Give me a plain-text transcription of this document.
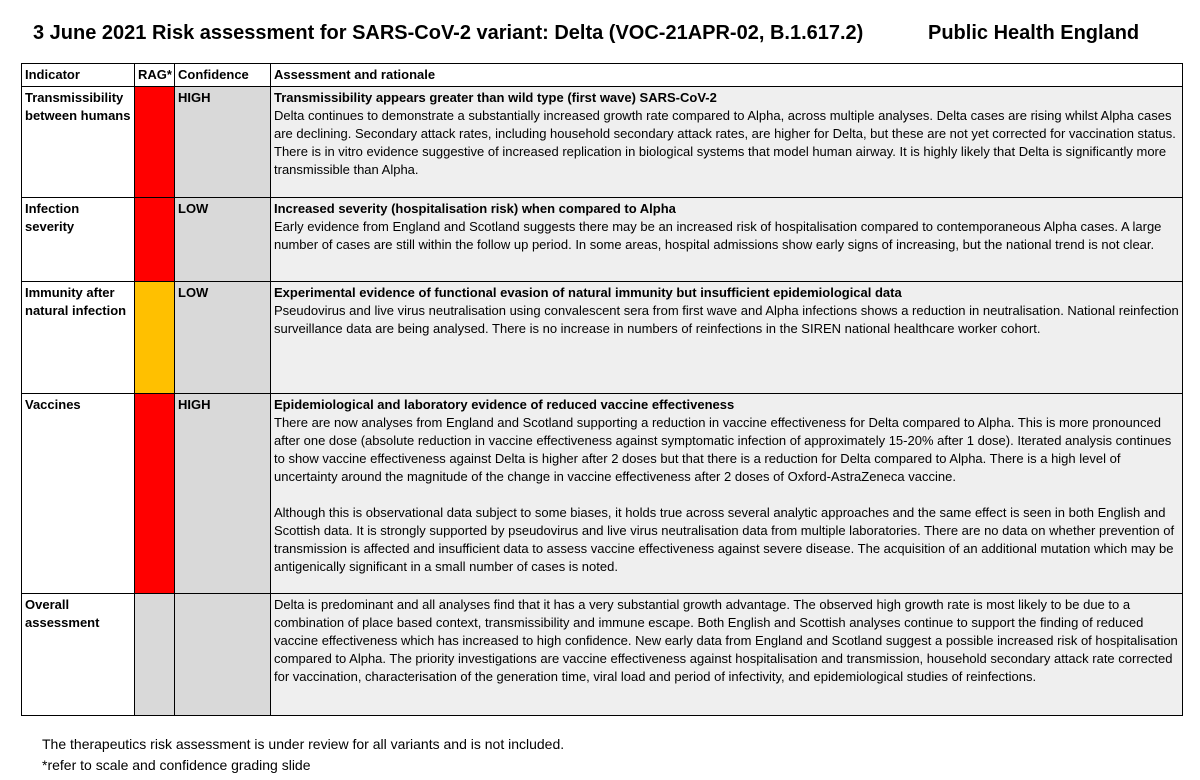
3 June 2021 Risk assessment for SARS-CoV-2 variant: Delta (VOC-21APR-02, B.1.617.2)	Public Health England
Indicator	RAG*	Confidence	Assessment and rationale
Transmissibility between humans		HIGH	Transmissibility appears greater than wild type (first wave) SARS-CoV-2
Delta continues to demonstrate a substantially increased growth rate compared to Alpha, across multiple analyses. Delta cases are rising whilst Alpha cases are declining. Secondary attack rates, including household secondary attack rates, are higher for Delta, but these are not yet corrected for vaccination status. There is in vitro evidence suggestive of increased replication in biological systems that model human airway. It is highly likely that Delta is significantly more transmissible than Alpha.

Infection severity		LOW	Increased severity (hospitalisation risk) when compared to Alpha
Early evidence from England and Scotland suggests there may be an increased risk of hospitalisation compared to contemporaneous Alpha cases. A large number of cases are still within the follow up period. In some areas, hospital admissions show early signs of increasing, but the national trend is not clear.

Immunity after natural infection		LOW	Experimental evidence of functional evasion of natural immunity but insufficient epidemiological data
Pseudovirus and live virus neutralisation using convalescent sera from first wave and Alpha infections shows a reduction in neutralisation. National reinfection surveillance data are being analysed. There is no increase in numbers of reinfections in the SIREN national healthcare worker cohort.

Vaccines		HIGH	Epidemiological and laboratory evidence of reduced vaccine effectiveness
There are now analyses from England and Scotland supporting a reduction in vaccine effectiveness for Delta compared to Alpha. This is more pronounced after one dose (absolute reduction in vaccine effectiveness against symptomatic infection of approximately 15-20% after 1 dose). Iterated analysis continues to show vaccine effectiveness against Delta is higher after 2 doses but that there is a reduction for Delta compared to Alpha. There is a high level of uncertainty around the magnitude of the change in vaccine effectiveness after 2 doses of Oxford-AstraZeneca vaccine.
Although this is observational data subject to some biases, it holds true across several analytic approaches and the same effect is seen in both English and Scottish data. It is strongly supported by pseudovirus and live virus neutralisation data from multiple laboratories. There are no data on whether prevention of transmission is affected and insufficient data to assess vaccine effectiveness against severe disease. The acquisition of an additional mutation which may be antigenically significant in a small number of cases is noted.

Overall assessment			Delta is predominant and all analyses find that it has a very substantial growth advantage. The observed high growth rate is most likely to be due to a combination of place based context, transmissibility and immune escape. Both English and Scottish analyses continue to support the finding of reduced vaccine effectiveness which has increased to high confidence. New early data from England and Scotland suggest a possible increased risk of hospitalisation compared to Alpha. The priority investigations are vaccine effectiveness against hospitalisation and transmission, household secondary attack rate corrected for vaccination, characterisation of the generation time, viral load and period of infectivity, and epidemiological studies of reinfections.
The therapeutics risk assessment is under review for all variants and is not included.
*refer to scale and confidence grading slide
